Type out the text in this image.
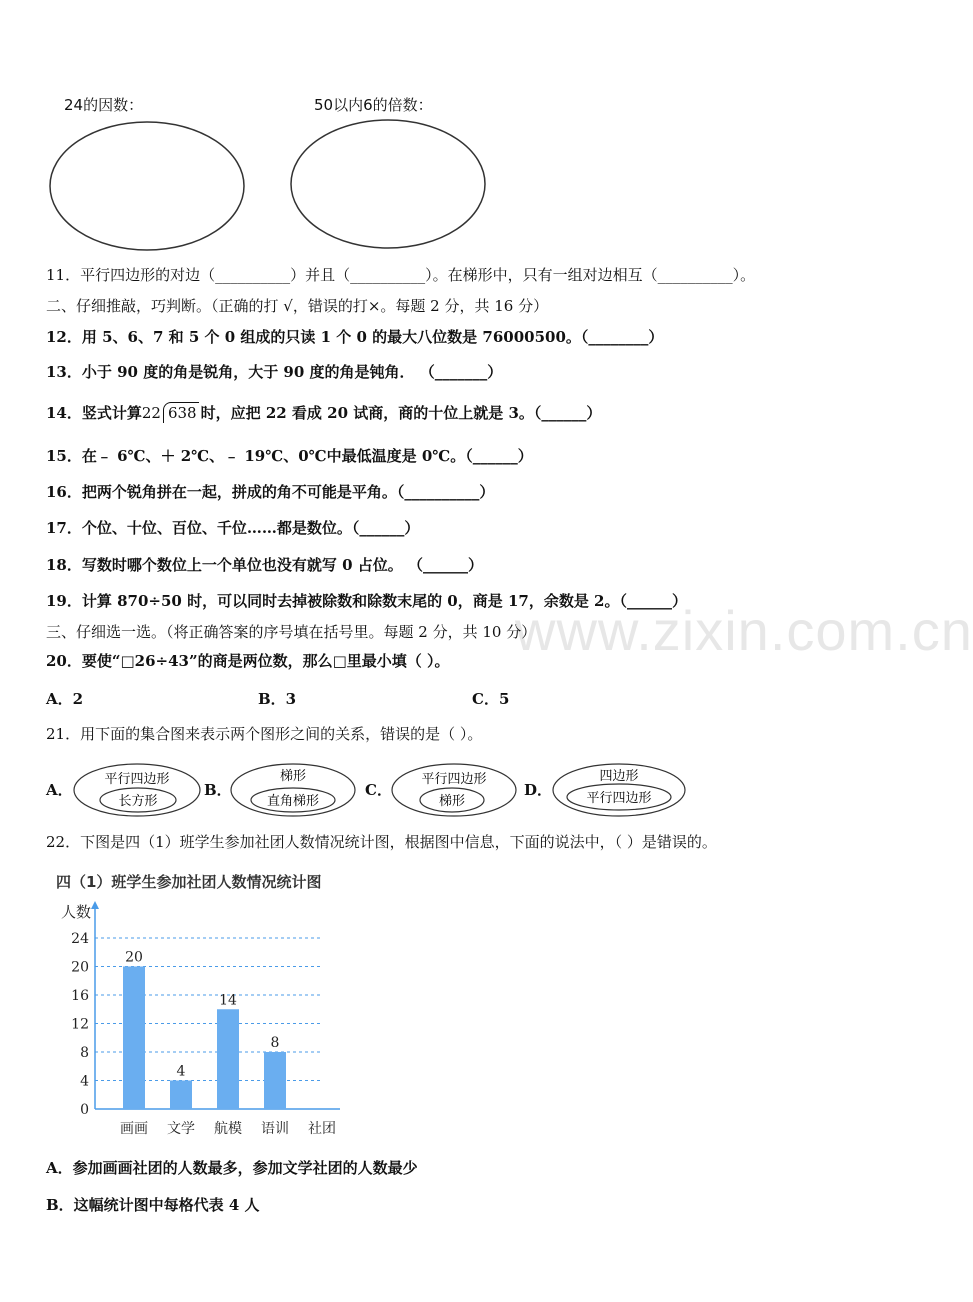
www.zixin.com.cn
24的因数：	50以内6的倍数：
11．平行四边形的对边（__________）并且（__________）。在梯形中，只有一组对边相互（__________）。
二、仔细推敲，巧判断。（正确的打 √，错误的打×。每题 2 分，共 16 分）
12．用 5、6、7 和 5 个 0 组成的只读 1 个 0 的最大八位数是 76000500。（________）
13．小于 90 度的角是锐角，大于 90 度的角是钝角． （_______）
14．竖式计算22 638 时，应把 22 看成 20 试商，商的十位上就是 3。（______）
15．在﹣ 6℃、＋ 2℃、﹣ 19℃、0℃中最低温度是 0℃。（______）
16．把两个锐角拼在一起，拼成的角不可能是平角。（__________）
17．个位、十位、百位、千位……都是数位。（______）
18．写数时哪个数位上一个单位也没有就写 0 占位。 （______）
19．计算 870÷50 时，可以同时去掉被除数和除数末尾的 0，商是 17，余数是 2。（______）
三、仔细选一选。（将正确答案的序号填在括号里。每题 2 分，共 10 分）
20．要使“□26÷43”的商是两位数，那么□里最小填（ ）。
A．2	B．3	C．5
21．用下面的集合图来表示两个图形之间的关系，错误的是（ ）。
A．
平行四边形
长方形
B．
梯形
直角梯形
C．
平行四边形
梯形
D．
四边形
平行四边形
22．下图是四（1）班学生参加社团人数情况统计图，根据图中信息，下面的说法中，（ ）是错误的。
四（1）班学生参加社团人数情况统计图
0
4
8
12
16
20
24
人数
20
画画
4
文学
14
航模
8
语训 社团
A．参加画画社团的人数最多，参加文学社团的人数最少
B．这幅统计图中每格代表 4 人
